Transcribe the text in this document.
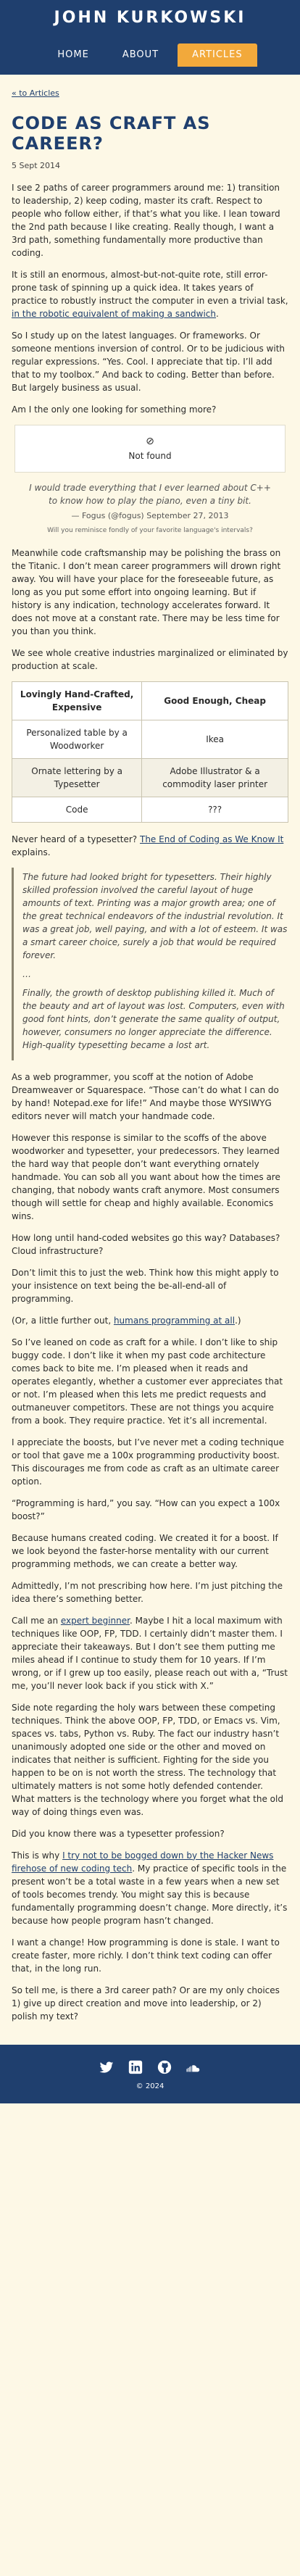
JOHN KURKOWSKI
HOME	ABOUT	ARTICLES
« to Articles
CODE AS CRAFT AS CAREER?
5 Sept 2014

I see 2 paths of career programmers around me: 1) transition to leadership, 2) keep coding, master its craft. Respect to people who follow either, if that’s what you like. I lean toward the 2nd path because I like creating. Really though, I want a 3rd path, something fundamentally more productive than coding.

It is still an enormous, almost-but-not-quite rote, still error-prone task of spinning up a quick idea. It takes years of practice to robustly instruct the computer in even a trivial task, in the robotic equivalent of making a sandwich.

So I study up on the latest languages. Or frameworks. Or someone mentions inversion of control. Or to be judicious with regular expressions. “Yes. Cool. I appreciate that tip. I’ll add that to my toolbox.” And back to coding. Better than before. But largely business as usual.

Am I the only one looking for something more?

⊘
Not found

I would trade everything that I ever learned about C++ to know how to play the piano, even a tiny bit.

— Fogus (@fogus) September 27, 2013
Will you reminisce fondly of your favorite language's intervals?

Meanwhile code craftsmanship may be polishing the brass on the Titanic. I don’t mean career programmers will drown right away. You will have your place for the foreseeable future, as long as you put some effort into ongoing learning. But if history is any indication, technology accelerates forward. It does not move at a constant rate. There may be less time for you than you think.

We see whole creative industries marginalized or eliminated by production at scale.

Lovingly Hand-Crafted, Expensive	Good Enough, Cheap
Personalized table by a Woodworker	Ikea
Ornate lettering by a Typesetter	Adobe Illustrator & a commodity laser printer
Code	???

Never heard of a typesetter? The End of Coding as We Know It explains.

The future had looked bright for typesetters. Their highly skilled profession involved the careful layout of huge amounts of text. Printing was a major growth area; one of the great technical endeavors of the industrial revolution. It was a great job, well paying, and with a lot of esteem. It was a smart career choice, surely a job that would be required forever.

…

Finally, the growth of desktop publishing killed it. Much of the beauty and art of layout was lost. Computers, even with good font hints, don’t generate the same quality of output, however, consumers no longer appreciate the difference. High-quality typesetting became a lost art.

As a web programmer, you scoff at the notion of Adobe Dreamweaver or Squarespace. “Those can’t do what I can do by hand! Notepad.exe for life!” And maybe those WYSIWYG editors never will match your handmade code.

However this response is similar to the scoffs of the above woodworker and typesetter, your predecessors. They learned the hard way that people don’t want everything ornately handmade. You can sob all you want about how the times are changing, that nobody wants craft anymore. Most consumers though will settle for cheap and highly available. Economics wins.

How long until hand-coded websites go this way? Databases? Cloud infrastructure?

Don’t limit this to just the web. Think how this might apply to your insistence on text being the be-all-end-all of programming.

(Or, a little further out, humans programming at all.)

So I’ve leaned on code as craft for a while. I don’t like to ship buggy code. I don’t like it when my past code architecture comes back to bite me. I’m pleased when it reads and operates elegantly, whether a customer ever appreciates that or not. I’m pleased when this lets me predict requests and outmaneuver competitors. These are not things you acquire from a book. They require practice. Yet it’s all incremental.

I appreciate the boosts, but I’ve never met a coding technique or tool that gave me a 100x programming productivity boost. This discourages me from code as craft as an ultimate career option.

“Programming is hard,” you say. “How can you expect a 100x boost?”

Because humans created coding. We created it for a boost. If we look beyond the faster-horse mentality with our current programming methods, we can create a better way.

Admittedly, I’m not prescribing how here. I’m just pitching the idea there’s something better.

Call me an expert beginner. Maybe I hit a local maximum with techniques like OOP, FP, TDD. I certainly didn’t master them. I appreciate their takeaways. But I don’t see them putting me miles ahead if I continue to study them for 10 years. If I’m wrong, or if I grew up too easily, please reach out with a, “Trust me, you’ll never look back if you stick with X.”

Side note regarding the holy wars between these competing techniques. Think the above OOP, FP, TDD, or Emacs vs. Vim, spaces vs. tabs, Python vs. Ruby. The fact our industry hasn’t unanimously adopted one side or the other and moved on indicates that neither is sufficient. Fighting for the side you happen to be on is not worth the stress. The technology that ultimately matters is not some hotly defended contender. What matters is the technology where you forget what the old way of doing things even was.

Did you know there was a typesetter profession?

This is why I try not to be bogged down by the Hacker News firehose of new coding tech. My practice of specific tools in the present won’t be a total waste in a few years when a new set of tools becomes trendy. You might say this is because fundamentally programming doesn’t change. More directly, it’s because how people program hasn’t changed.

I want a change! How programming is done is stale. I want to create faster, more richly. I don’t think text coding can offer that, in the long run.

So tell me, is there a 3rd career path? Or are my only choices 1) give up direct creation and move into leadership, or 2) polish my text?

© 2024
